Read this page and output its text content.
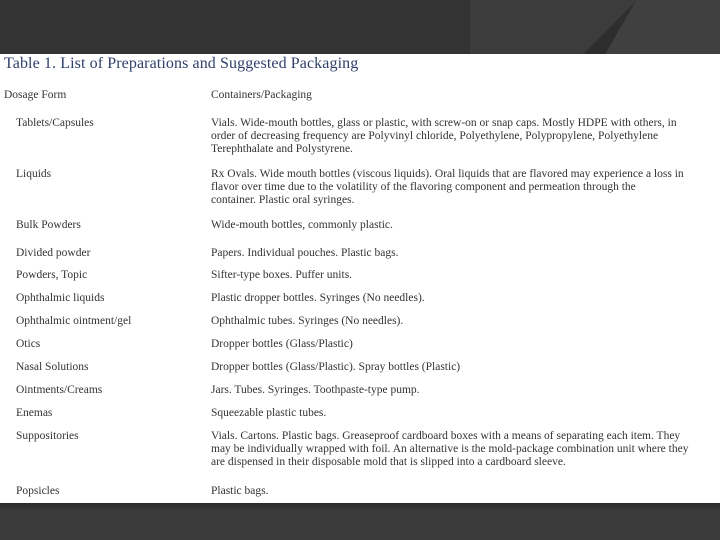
Table 1. List of Preparations and Suggested Packaging
Dosage Form	Containers/Packaging
Tablets/Capsules	Vials. Wide-mouth bottles, glass or plastic, with screw-on or snap caps. Mostly HDPE with others, in
order of decreasing frequency are Polyvinyl chloride, Polyethylene, Polypropylene, Polyethylene
Terephthalate and Polystyrene.
Liquids	Rx Ovals. Wide mouth bottles (viscous liquids). Oral liquids that are flavored may experience a loss in
flavor over time due to the volatility of the flavoring component and permeation through the
container. Plastic oral syringes.
Bulk Powders	Wide-mouth bottles, commonly plastic.
Divided powder	Papers. Individual pouches. Plastic bags.
Powders, Topic	Sifter-type boxes. Puffer units.
Ophthalmic liquids	Plastic dropper bottles. Syringes (No needles).
Ophthalmic ointment/gel	Ophthalmic tubes. Syringes (No needles).
Otics	Dropper bottles (Glass/Plastic)
Nasal Solutions	Dropper bottles (Glass/Plastic). Spray bottles (Plastic)
Ointments/Creams	Jars. Tubes. Syringes. Toothpaste-type pump.
Enemas	Squeezable plastic tubes.
Suppositories	Vials. Cartons. Plastic bags. Greaseproof cardboard boxes with a means of separating each item. They
may be individually wrapped with foil. An alternative is the mold-package combination unit where they
are dispensed in their disposable mold that is slipped into a cardboard sleeve.
Popsicles	Plastic bags.
